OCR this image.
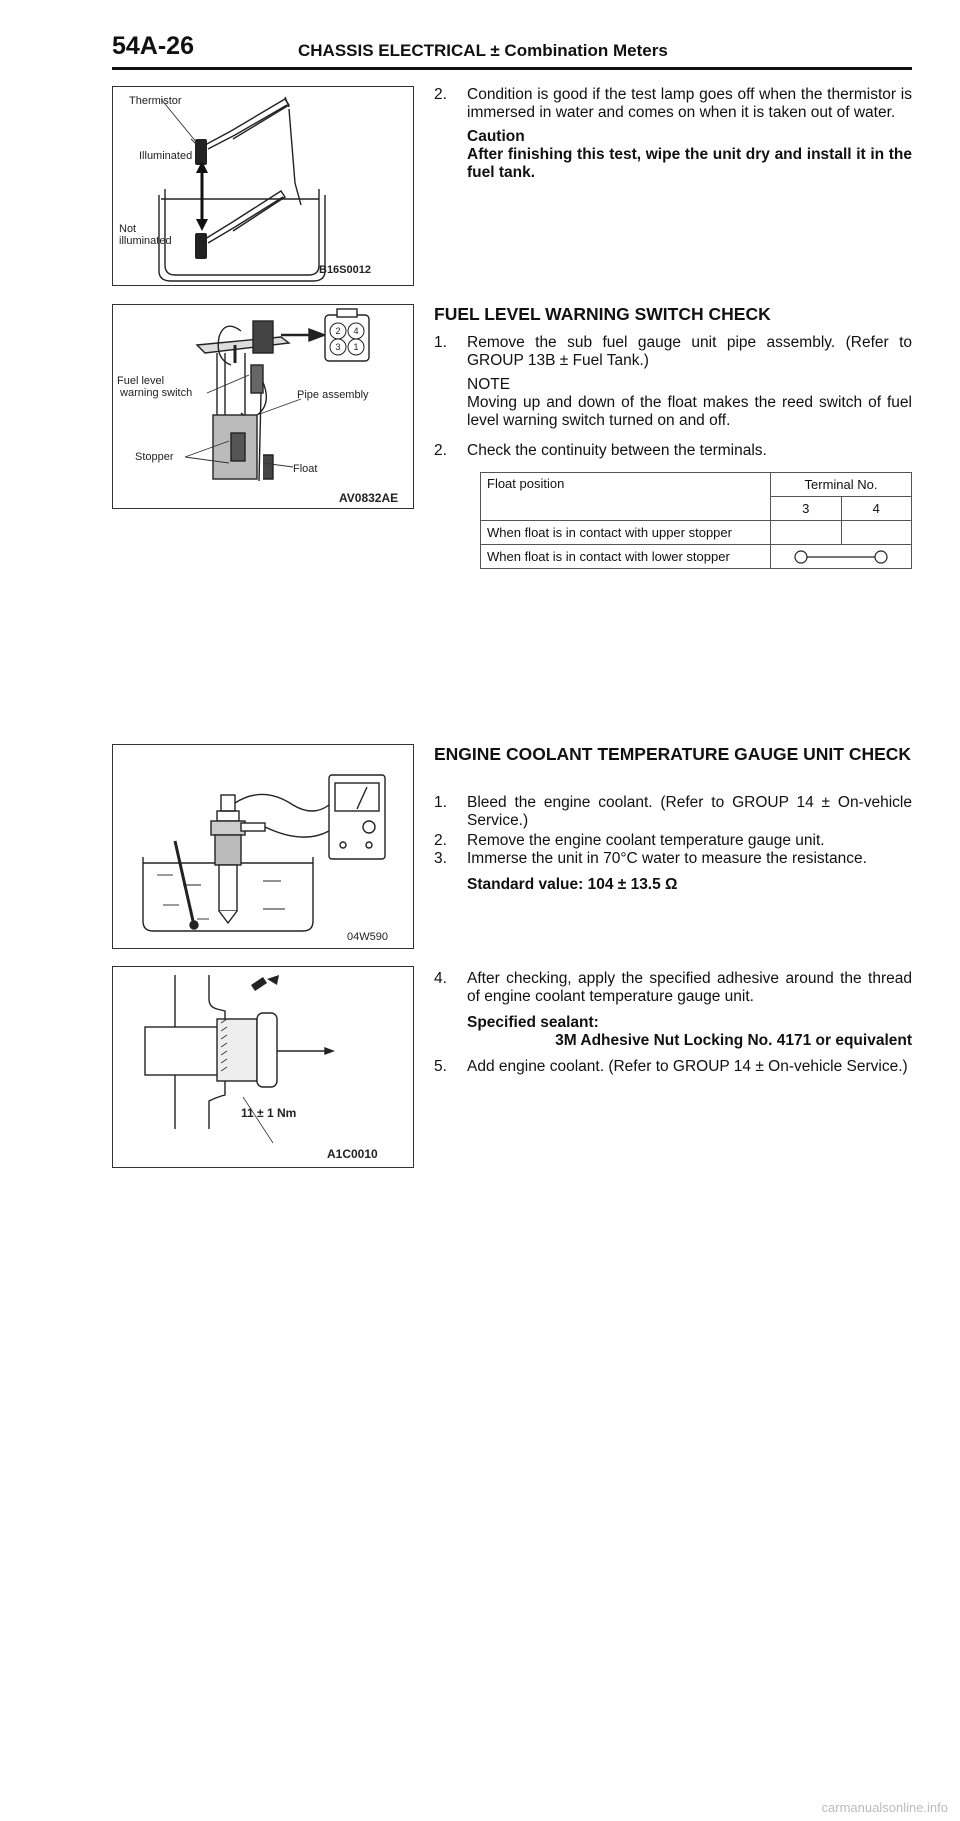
54A-26	CHASSIS ELECTRICAL ± Combination Meters
Thermistor
Illuminated
Not
illuminated
B16S0012
2. Condition is good if the test lamp goes off when the thermistor is immersed in water and comes on when it is taken out of water.
Caution
After finishing this test, wipe the unit dry and install it in the fuel tank.
2 4
3 1
Fuel level
warning switch	Pipe assembly
Stopper
Float
AV0832AE
FUEL LEVEL WARNING SWITCH CHECK
1. Remove the sub fuel gauge unit pipe assembly. (Refer to GROUP 13B ± Fuel Tank.)
NOTE
Moving up and down of the float makes the reed switch of fuel level warning switch turned on and off.
2. Check the continuity between the terminals.
Float position	Terminal No.	
	3	4
When float is in contact with upper stopper		
When float is in contact with lower stopper	
04W590
ENGINE COOLANT TEMPERATURE GAUGE UNIT CHECK
1. Bleed the engine coolant. (Refer to GROUP 14 ± On-vehicle Service.)
2. Remove the engine coolant temperature gauge unit.
3. Immerse the unit in 70°C water to measure the resistance.
Standard value: 104 ± 13.5 Ω
11 ± 1 Nm
A1C0010
4. After checking, apply the specified adhesive around the thread of engine coolant temperature gauge unit.
Specified sealant:
3M Adhesive Nut Locking No. 4171 or equivalent
5. Add engine coolant. (Refer to GROUP 14 ± On-vehicle Service.)
carmanualsonline.info
